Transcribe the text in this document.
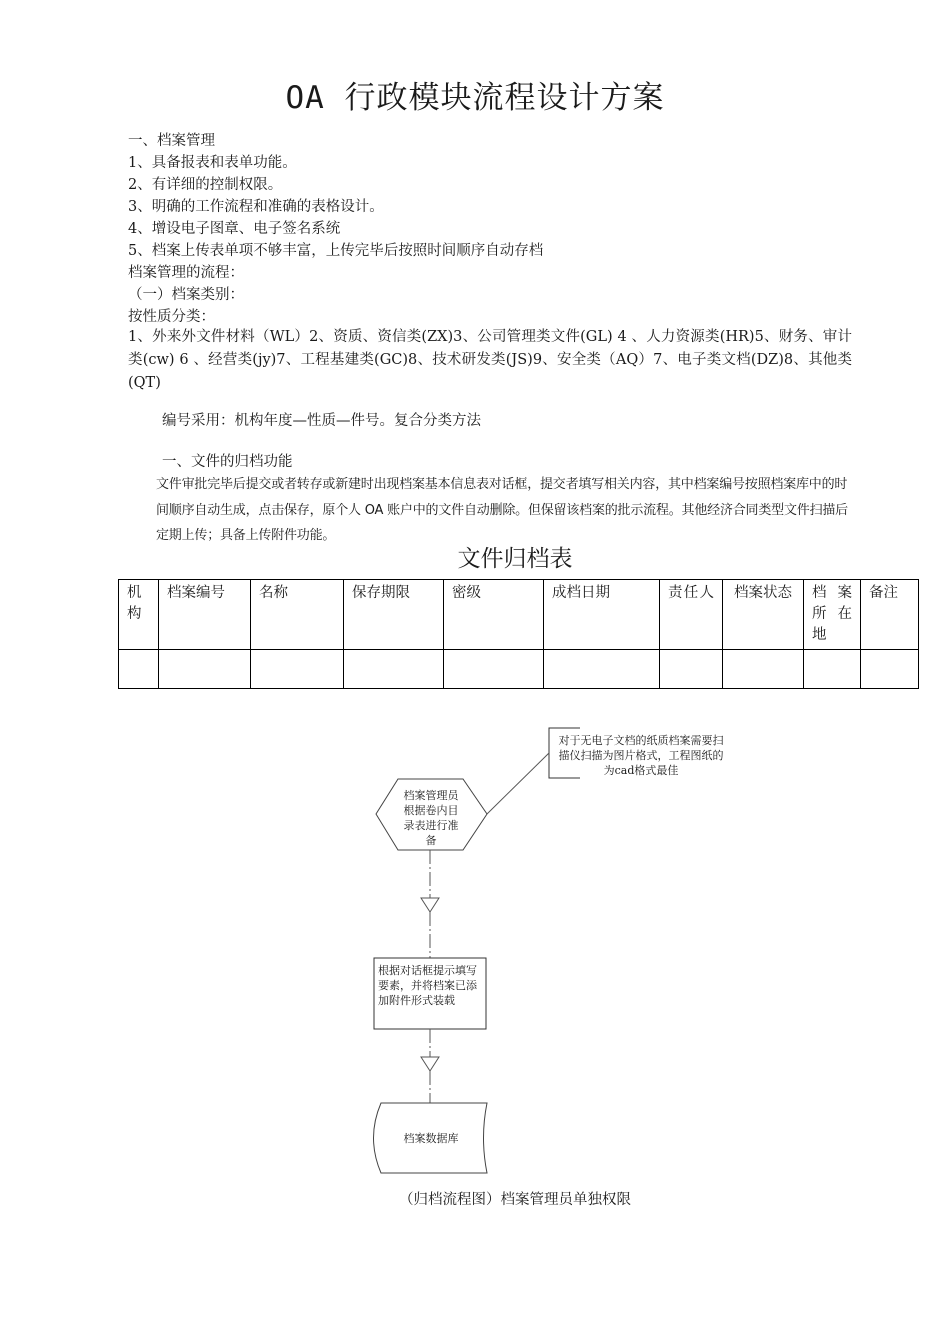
OA 行政模块流程设计方案
一、档案管理
1、具备报表和表单功能。
2、有详细的控制权限。
3、明确的工作流程和准确的表格设计。
4、增设电子图章、电子签名系统
5、档案上传表单项不够丰富，上传完毕后按照时间顺序自动存档
档案管理的流程：
（一）档案类别：
按性质分类：
1、外来外文件材料（WL）2、资质、资信类(ZX)3、公司管理类文件(GL) 4 、人力资源类(HR)5、财务、审计类(cw) 6 、经营类(jy)7、工程基建类(GC)8、技术研发类(JS)9、安全类（AQ）7、电子类文档(DZ)8、其他类(QT)
编号采用：机构年度—性质—件号。复合分类方法
一、文件的归档功能
文件审批完毕后提交或者转存或新建时出现档案基本信息表对话框，提交者填写相关内容，其中档案编号按照档案库中的时间顺序自动生成，点击保存，原个人 OA 账户中的文件自动删除。但保留该档案的批示流程。其他经济合同类型文件扫描后定期上传；具备上传附件功能。
文件归档表
机构	档案编号	名称	保存期限	密级	成档日期	责任人	档案状态	档案所在地	备注

对于无电子文档的纸质档案需要扫描仪扫描为图片格式，工程图纸的为cad格式最佳
档案管理员根据卷内目录表进行准备
根据对话框提示填写要素，并将档案已添加附件形式装载
档案数据库
（归档流程图）档案管理员单独权限
